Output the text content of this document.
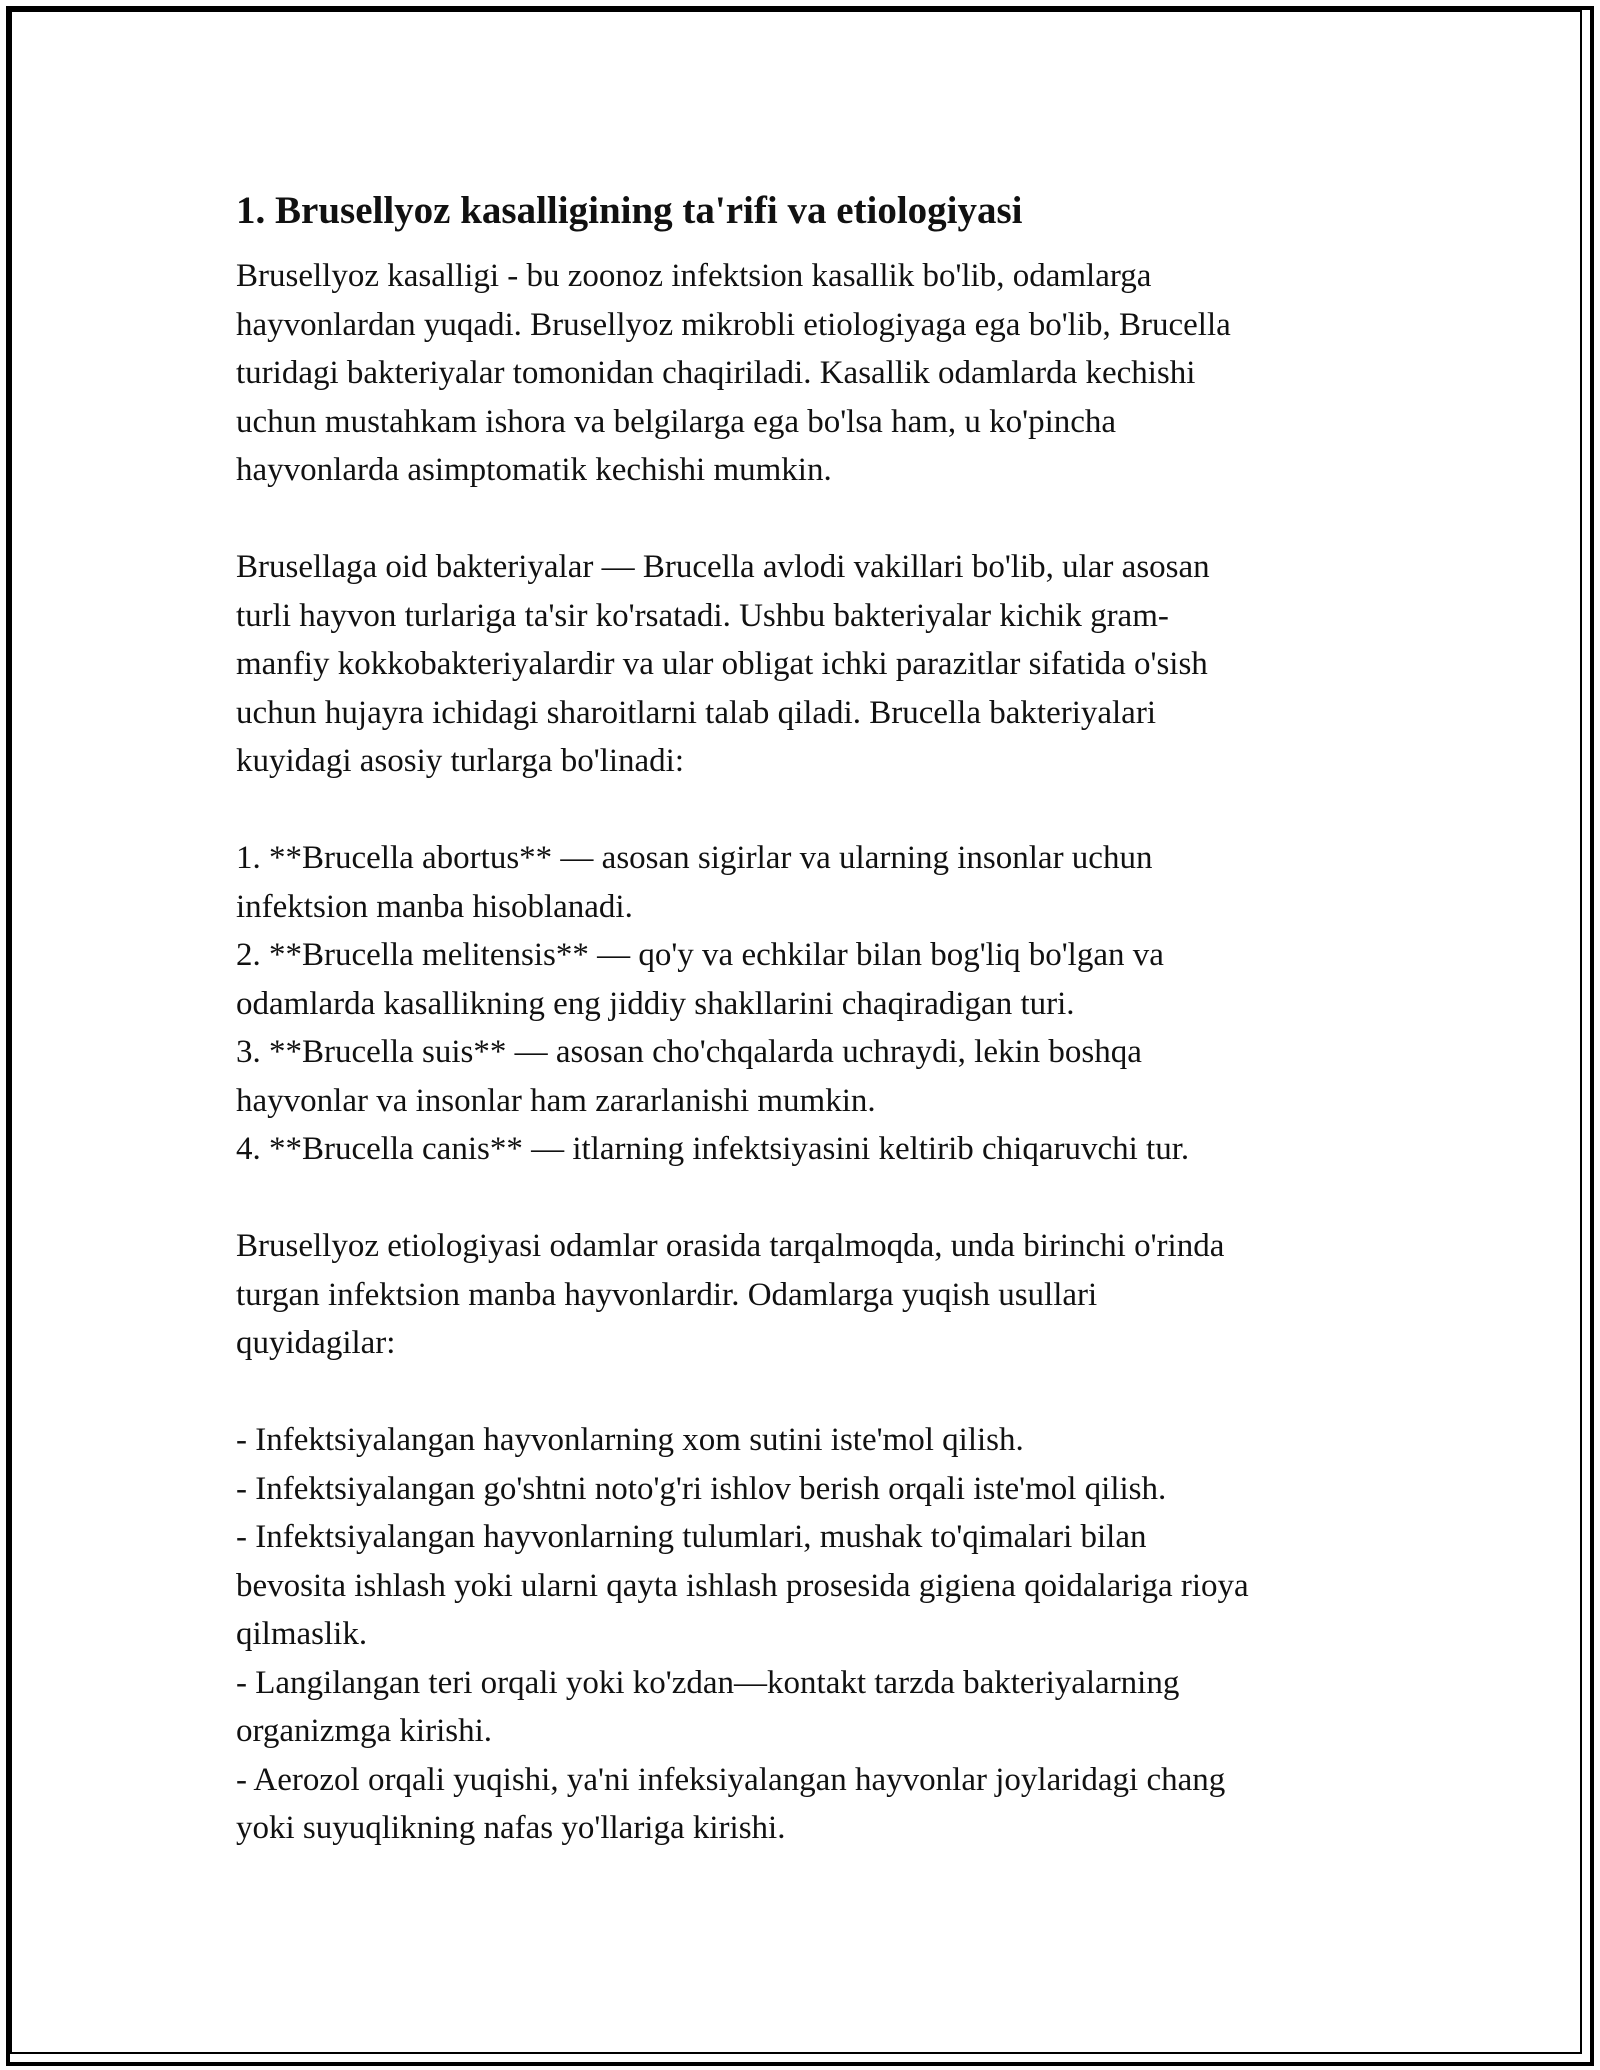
1. Brusellyoz kasalligining ta'rifi va etiologiyasi

Brusellyoz kasalligi - bu zoonoz infektsion kasallik bo'lib, odamlarga

hayvonlardan yuqadi. Brusellyoz mikrobli etiologiyaga ega bo'lib, Brucella

turidagi bakteriyalar tomonidan chaqiriladi. Kasallik odamlarda kechishi

uchun mustahkam ishora va belgilarga ega bo'lsa ham, u ko'pincha

hayvonlarda asimptomatik kechishi mumkin.

Brusellaga oid bakteriyalar — Brucella avlodi vakillari bo'lib, ular asosan

turli hayvon turlariga ta'sir ko'rsatadi. Ushbu bakteriyalar kichik gram-

manfiy kokkobakteriyalardir va ular obligat ichki parazitlar sifatida o'sish

uchun hujayra ichidagi sharoitlarni talab qiladi. Brucella bakteriyalari

kuyidagi asosiy turlarga bo'linadi:

1. **Brucella abortus** — asosan sigirlar va ularning insonlar uchun

infektsion manba hisoblanadi.

2. **Brucella melitensis** — qo'y va echkilar bilan bog'liq bo'lgan va

odamlarda kasallikning eng jiddiy shakllarini chaqiradigan turi.

3. **Brucella suis** — asosan cho'chqalarda uchraydi, lekin boshqa

hayvonlar va insonlar ham zararlanishi mumkin.

4. **Brucella canis** — itlarning infektsiyasini keltirib chiqaruvchi tur.

Brusellyoz etiologiyasi odamlar orasida tarqalmoqda, unda birinchi o'rinda

turgan infektsion manba hayvonlardir. Odamlarga yuqish usullari

quyidagilar:

- Infektsiyalangan hayvonlarning xom sutini iste'mol qilish.

- Infektsiyalangan go'shtni noto'g'ri ishlov berish orqali iste'mol qilish.

- Infektsiyalangan hayvonlarning tulumlari, mushak to'qimalari bilan

bevosita ishlash yoki ularni qayta ishlash prosesida gigiena qoidalariga rioya

qilmaslik.

- Langilangan teri orqali yoki ko'zdan—kontakt tarzda bakteriyalarning

organizmga kirishi.

- Aerozol orqali yuqishi, ya'ni infeksiyalangan hayvonlar joylaridagi chang

yoki suyuqlikning nafas yo'llariga kirishi.
